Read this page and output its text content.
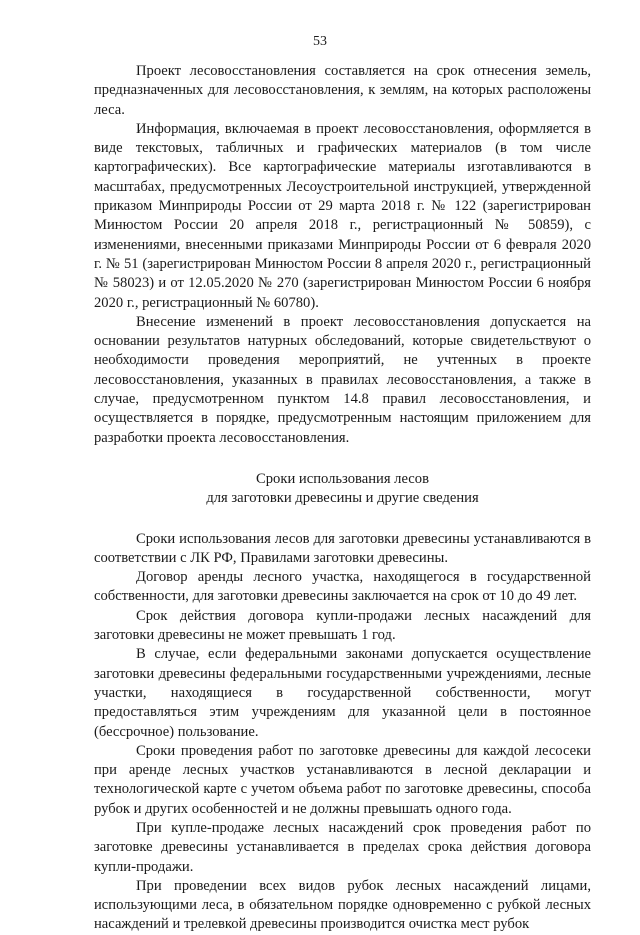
53

Проект лесовосстановления составляется на срок отнесения земель, предназначенных для лесовосстановления, к землям, на которых расположены леса.

Информация, включаемая в проект лесовосстановления, оформляется в виде текстовых, табличных и графических материалов (в том числе картографических). Все картографические материалы изготавливаются в масштабах, предусмотренных Лесоустроительной инструкцией, утвержденной приказом Минприроды России от 29 марта 2018 г. № 122 (зарегистрирован Минюстом России 20 апреля 2018 г., регистрационный № 50859), с изменениями, внесенными приказами Минприроды России от 6 февраля 2020 г. № 51 (зарегистрирован Минюстом России 8 апреля 2020 г., регистрационный № 58023) и от 12.05.2020 № 270 (зарегистрирован Минюстом России 6 ноября 2020 г., регистрационный № 60780).

Внесение изменений в проект лесовосстановления допускается на основании результатов натурных обследований, которые свидетельствуют о необходимости проведения мероприятий, не учтенных в проекте лесовосстановления, указанных в правилах лесовосстановления, а также в случае, предусмотренном пунктом 14.8 правил лесовосстановления, и осуществляется в порядке, предусмотренным настоящим приложением для разработки проекта лесовосстановления.

Сроки использования лесов
для заготовки древесины и другие сведения

Сроки использования лесов для заготовки древесины устанавливаются в соответствии с ЛК РФ, Правилами заготовки древесины.

Договор аренды лесного участка, находящегося в государственной собственности, для заготовки древесины заключается на срок от 10 до 49 лет.

Срок действия договора купли-продажи лесных насаждений для заготовки древесины не может превышать 1 год.

В случае, если федеральными законами допускается осуществление заготовки древесины федеральными государственными учреждениями, лесные участки, находящиеся в государственной собственности, могут предоставляться этим учреждениям для указанной цели в постоянное (бессрочное) пользование.

Сроки проведения работ по заготовке древесины для каждой лесосеки при аренде лесных участков устанавливаются в лесной декларации и технологической карте с учетом объема работ по заготовке древесины, способа рубок и других особенностей и не должны превышать одного года.

При купле-продаже лесных насаждений срок проведения работ по заготовке древесины устанавливается в пределах срока действия договора купли-продажи.

При проведении всех видов рубок лесных насаждений лицами, использующими леса, в обязательном порядке одновременно с рубкой лесных насаждений и трелевкой древесины производится очистка мест рубок
